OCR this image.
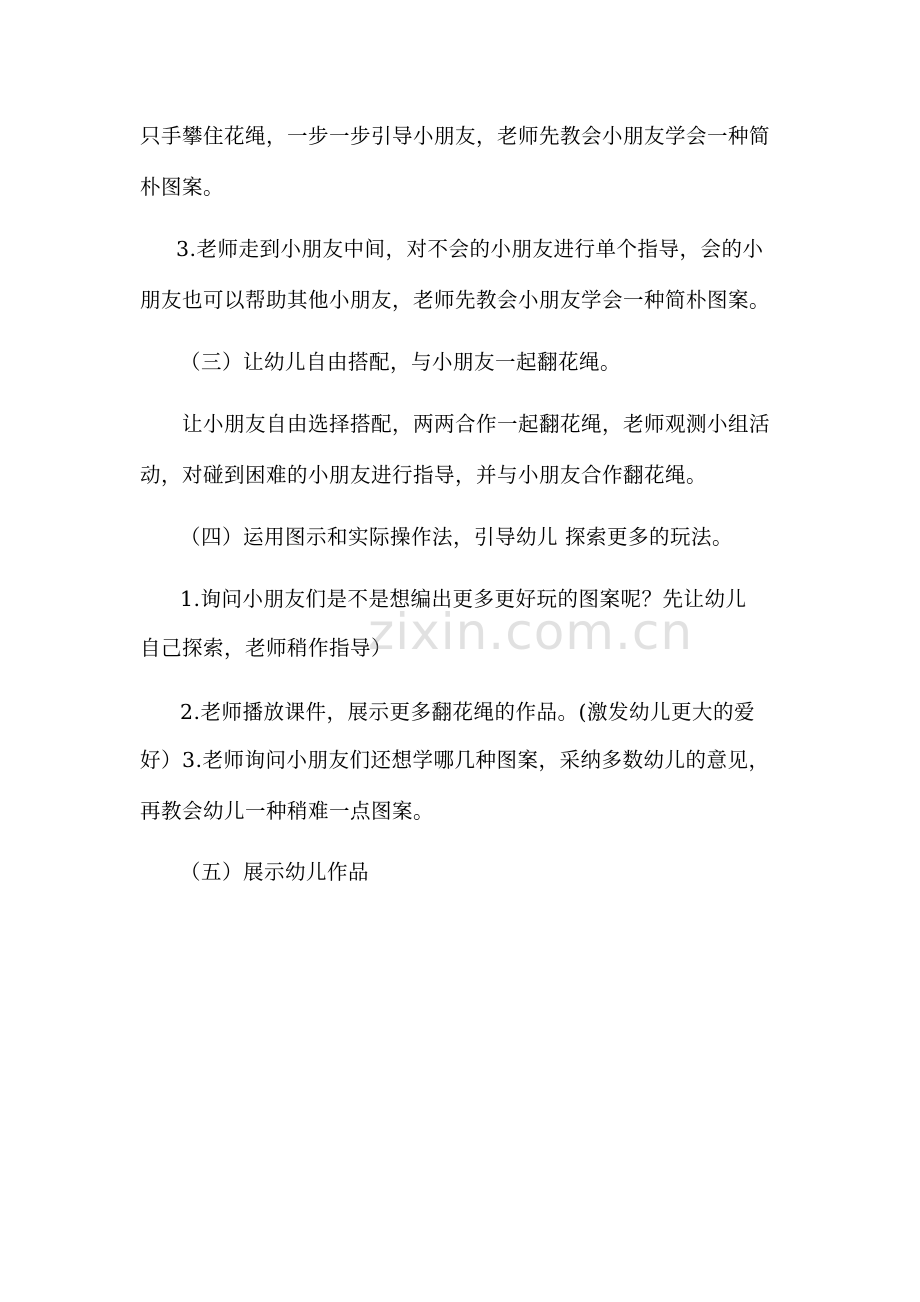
只手攀住花绳，一步一步引导小朋友，老师先教会小朋友学会一种简
朴图案。
3.老师走到小朋友中间，对不会的小朋友进行单个指导，会的小
朋友也可以帮助其他小朋友，老师先教会小朋友学会一种简朴图案。
（三）让幼儿自由搭配，与小朋友一起翻花绳。
让小朋友自由选择搭配，两两合作一起翻花绳，老师观测小组活
动，对碰到困难的小朋友进行指导，并与小朋友合作翻花绳。
（四）运用图示和实际操作法，引导幼儿 探索更多的玩法。
1.询问小朋友们是不是想编出更多更好玩的图案呢？先让幼儿
自己探索，老师稍作指导）
2.老师播放课件，展示更多翻花绳的作品。(激发幼儿更大的爱
好）3.老师询问小朋友们还想学哪几种图案，采纳多数幼儿的意见，
再教会幼儿一种稍难一点图案。
（五）展示幼儿作品
zixin.com.cn
